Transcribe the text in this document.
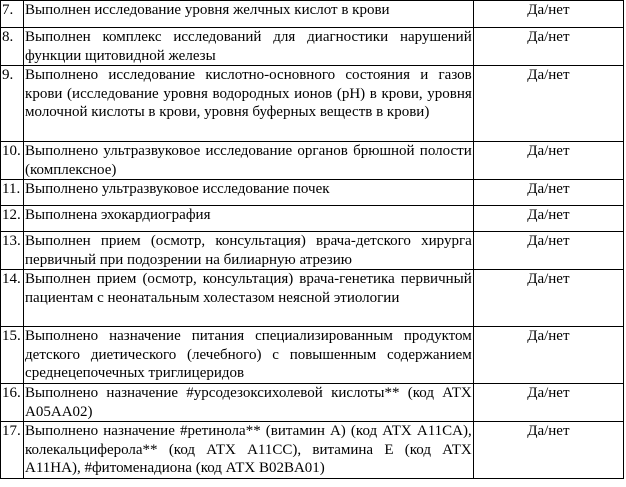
7.	Выполнен исследование уровня желчных кислот в крови	Да/нет
8.	Выполнен комплекс исследований для диагностики нарушений функции щитовидной железы	Да/нет
9.	Выполнено исследование кислотно-основного состояния и газов крови (исследование уровня водородных ионов (pH) в крови, уровня молочной кислоты в крови, уровня буферных веществ в крови)	Да/нет
10.	Выполнено ультразвуковое исследование органов брюшной полости (комплексное)	Да/нет
11.	Выполнено ультразвуковое исследование почек	Да/нет
12.	Выполнена эхокардиография	Да/нет
13.	Выполнен прием (осмотр, консультация) врача-детского хирурга первичный при подозрении на билиарную атрезию	Да/нет
14.	Выполнен прием (осмотр, консультация) врача-генетика первичный пациентам с неонатальным холестазом неясной этиологии	Да/нет
15.	Выполнено назначение питания специализированным продуктом детского диетического (лечебного) с повышенным содержанием среднецепочечных триглицеридов	Да/нет
16.	Выполнено назначение #урсодезоксихолевой кислоты** (код АТХ A05AA02)	Да/нет
17.	Выполнено назначение #ретинола** (витамин A) (код АТХ A11CA), колекальциферола** (код АТХ A11CC), витамина E (код АТХ A11HA), #фитоменадиона (код АТХ B02BA01)	Да/нет
